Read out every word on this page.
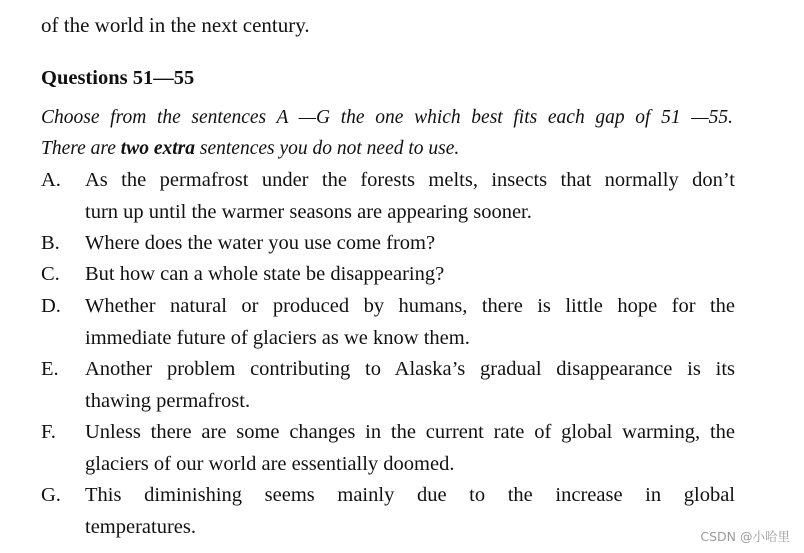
of the world in the next century.
Questions 51—55
Choose from the sentences A —G the one which best fits each gap of 51 —55.
There are two extra sentences you do not need to use.
A.	As the permafrost under the forests melts, insects that normally don’t
turn up until the warmer seasons are appearing sooner.
B.	Where does the water you use come from?
C.	But how can a whole state be disappearing?
D.	Whether natural or produced by humans, there is little hope for the
immediate future of glaciers as we know them.
E.	Another problem contributing to Alaska’s gradual disappearance is its
thawing permafrost.
F.	Unless there are some changes in the current rate of global warming, the
glaciers of our world are essentially doomed.
G.	This diminishing seems mainly due to the increase in global
temperatures.	CSDN @小哈里
